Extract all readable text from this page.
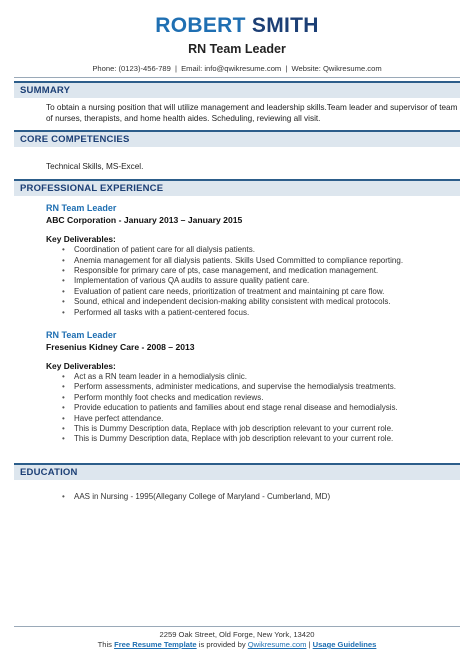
ROBERT SMITH
RN Team Leader
Phone: (0123)-456-789 | Email: info@qwikresume.com | Website: Qwikresume.com
SUMMARY
To obtain a nursing position that will utilize management and leadership skills.Team leader and supervisor of team of nurses, therapists, and home health aides. Scheduling, reviewing all visit.
CORE COMPETENCIES
Technical Skills, MS-Excel.
PROFESSIONAL EXPERIENCE
RN Team Leader
ABC Corporation - January 2013 – January 2015
Key Deliverables:
• Coordination of patient care for all dialysis patients.
• Anemia management for all dialysis patients. Skills Used Committed to compliance reporting.
• Responsible for primary care of pts, case management, and medication management.
• Implementation of various QA audits to assure quality patient care.
• Evaluation of patient care needs, prioritization of treatment and maintaining pt care flow.
• Sound, ethical and independent decision-making ability consistent with medical protocols.
• Performed all tasks with a patient-centered focus.
RN Team Leader
Fresenius Kidney Care - 2008 – 2013
Key Deliverables:
• Act as a RN team leader in a hemodialysis clinic.
• Perform assessments, administer medications, and supervise the hemodialysis treatments.
• Perform monthly foot checks and medication reviews.
• Provide education to patients and families about end stage renal disease and hemodialysis.
• Have perfect attendance.
• This is Dummy Description data, Replace with job description relevant to your current role.
• This is Dummy Description data, Replace with job description relevant to your current role.
EDUCATION
• AAS in Nursing - 1995(Allegany College of Maryland - Cumberland, MD)
2259 Oak Street, Old Forge, New York, 13420
This Free Resume Template is provided by Qwikresume.com | Usage Guidelines
